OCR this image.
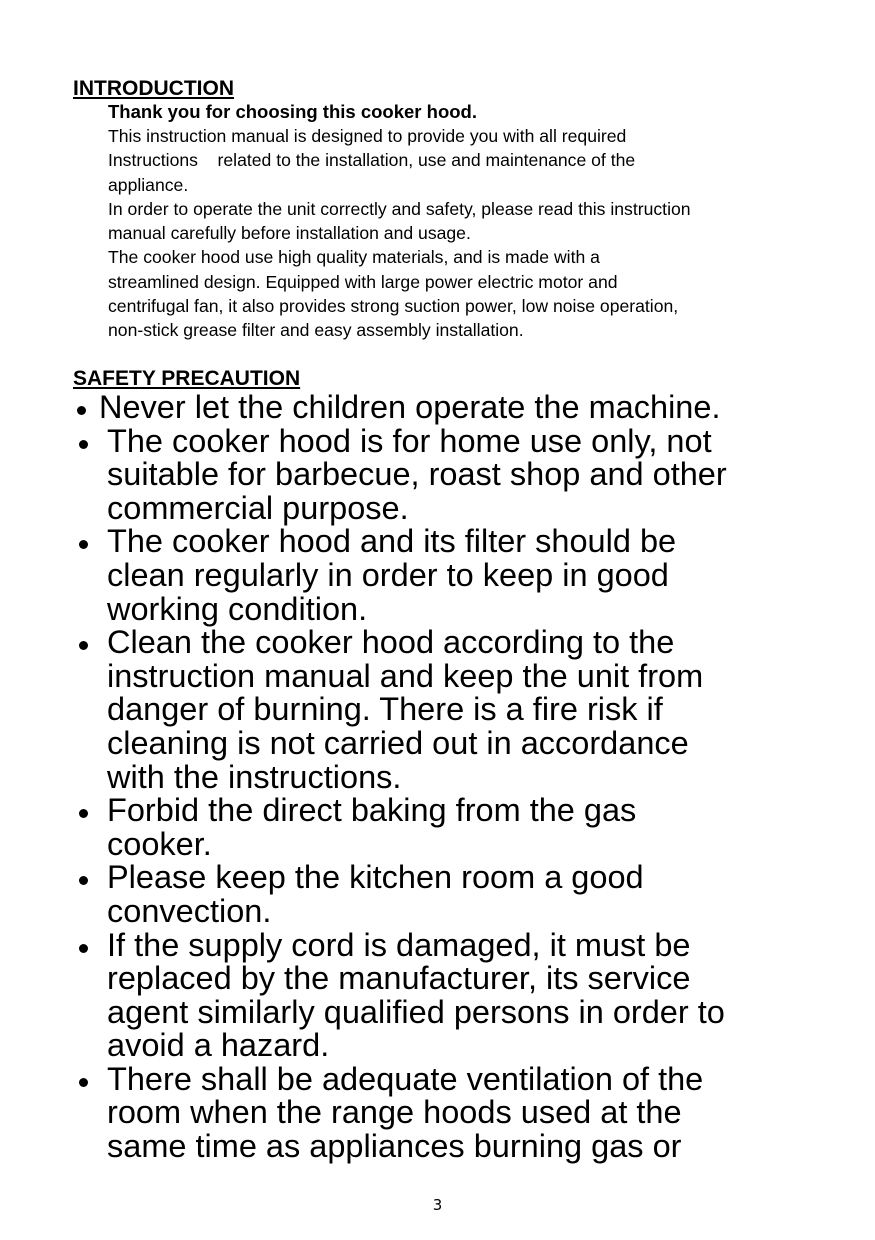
INTRODUCTION
Thank you for choosing this cooker hood.
This instruction manual is designed to provide you with all required
Instructions    related to the installation, use and maintenance of the
appliance.
In order to operate the unit correctly and safety, please read this instruction
manual carefully before installation and usage.
The cooker hood use high quality materials, and is made with a
streamlined design. Equipped with large power electric motor and
centrifugal fan, it also provides strong suction power, low noise operation,
non-stick grease filter and easy assembly installation.
SAFETY PRECAUTION
Never let the children operate the machine.
The cooker hood is for home use only, not
suitable for barbecue, roast shop and other
commercial purpose.
The cooker hood and its filter should be
clean regularly in order to keep in good
working condition.
Clean the cooker hood according to the
instruction manual and keep the unit from
danger of burning. There is a fire risk if
cleaning is not carried out in accordance
with the instructions.
Forbid the direct baking from the gas
cooker.
Please keep the kitchen room a good
convection.
If the supply cord is damaged, it must be
replaced by the manufacturer, its service
agent similarly qualified persons in order to
avoid a hazard.
There shall be adequate ventilation of the
room when the range hoods used at the
same time as appliances burning gas or
3
